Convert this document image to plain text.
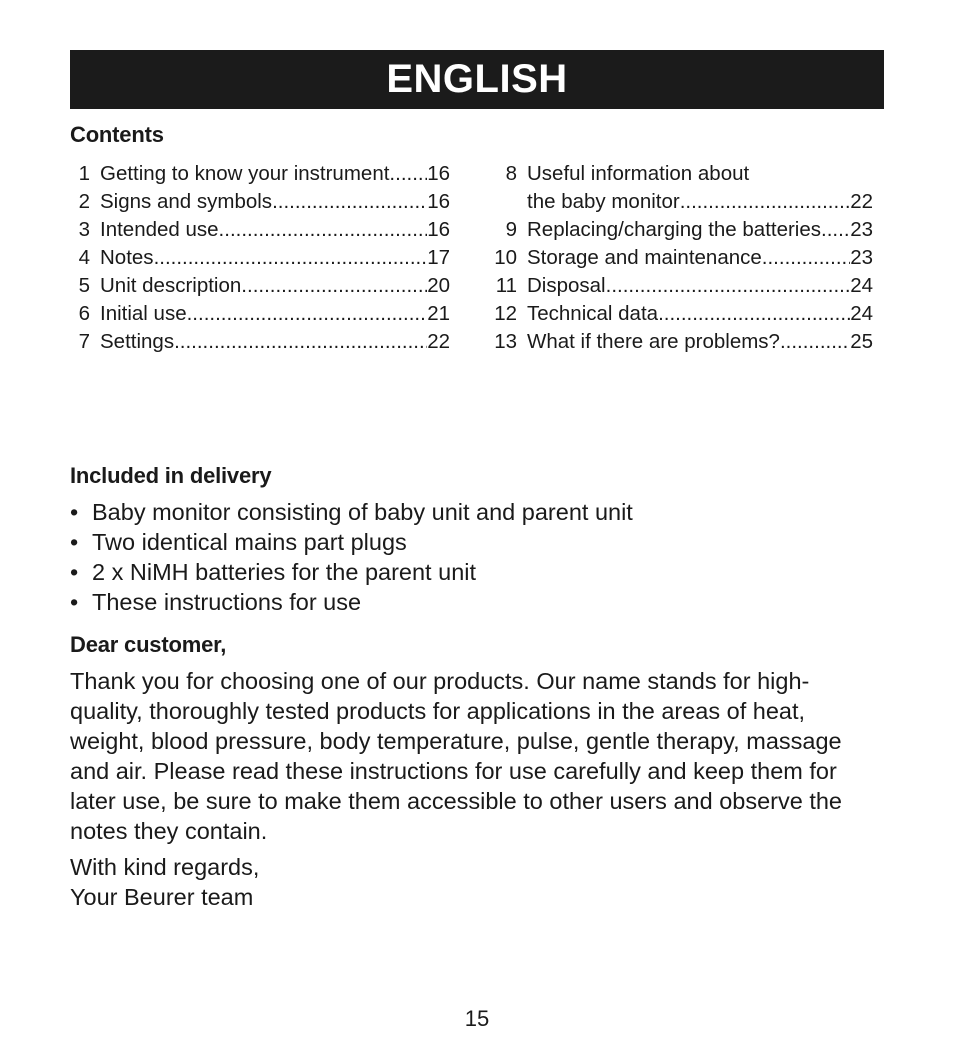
ENGLISH
Contents
1 Getting to know your instrument ..... 16
2 Signs and symbols .....	16
3 Intended use .....	16
4 Notes .....	17
5 Unit description .....	20
6 Initial use .....	21
7 Settings .....	22
8 Useful information about
the baby monitor .....	22
9 Replacing/charging the batteries ..... 23
10 Storage and maintenance .....	23
11 Disposal .....	24
12 Technical data .....	24
13 What if there are problems? .....	25
Included in delivery
• Baby monitor consisting of baby unit and parent unit
• Two identical mains part plugs
• 2 x NiMH batteries for the parent unit
• These instructions for use
Dear customer,
Thank you for choosing one of our products. Our name stands for high-quality, thoroughly tested products for applications in the areas of heat, weight, blood pressure, body temperature, pulse, gentle therapy, massage and air. Please read these instructions for use carefully and keep them for later use, be sure to make them accessible to other users and observe the notes they contain.
With kind regards,
Your Beurer team
15
